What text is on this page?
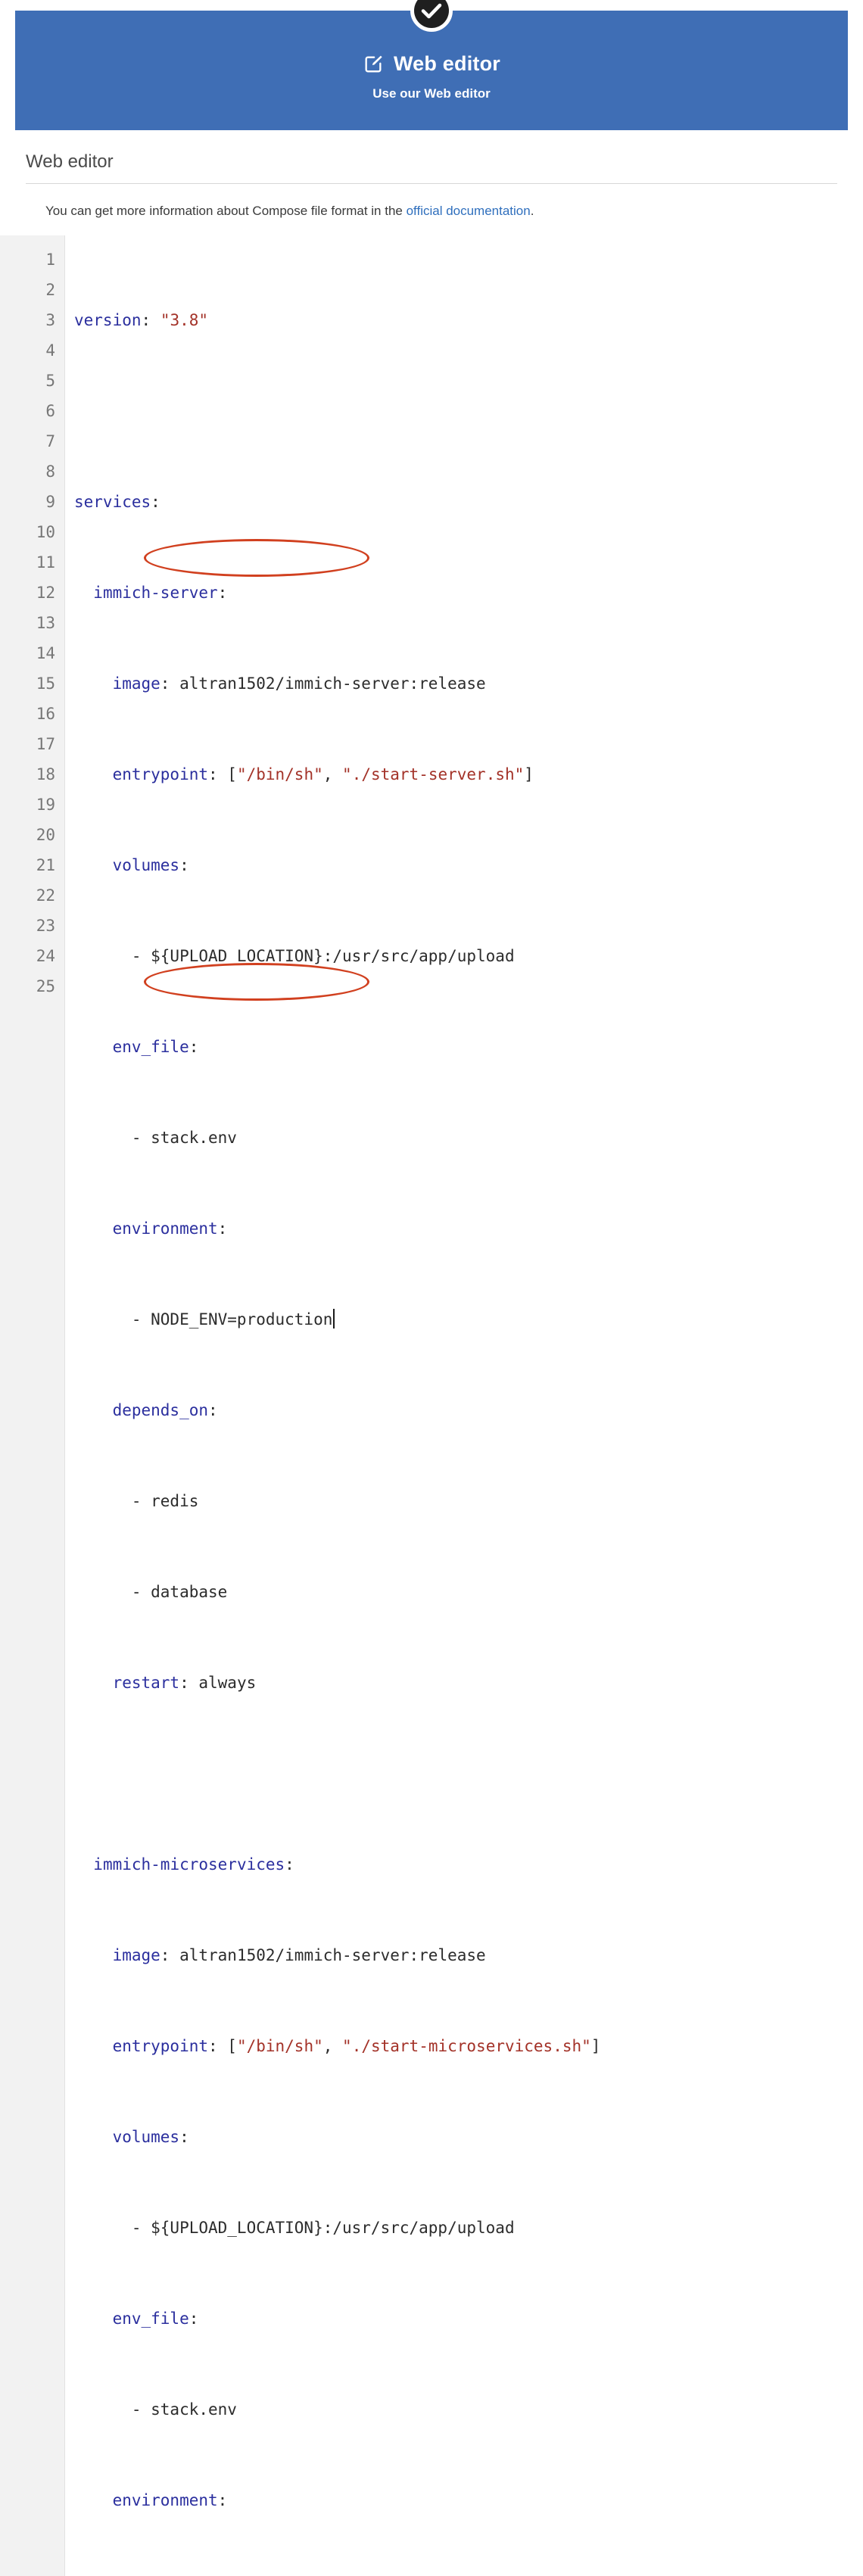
Web editor
Use our Web editor
Web editor
You can get more information about Compose file format in the official documentation.
1
2
3
4
5
6
7
8
9
10
11
12
13
14
15
16
17
18
19
20
21
22
23
24
25

version: "3.8"

services:

immich-server:

image: altran1502/immich-server:release

entrypoint: ["/bin/sh", "./start-server.sh"]

volumes:

- ${UPLOAD_LOCATION}:/usr/src/app/upload

env_file:

- stack.env

environment:

- NODE_ENV=production

depends_on:

- redis

- database

restart: always

immich-microservices:

image: altran1502/immich-server:release

entrypoint: ["/bin/sh", "./start-microservices.sh"]

volumes:

- ${UPLOAD_LOCATION}:/usr/src/app/upload

env_file:

- stack.env

environment:
